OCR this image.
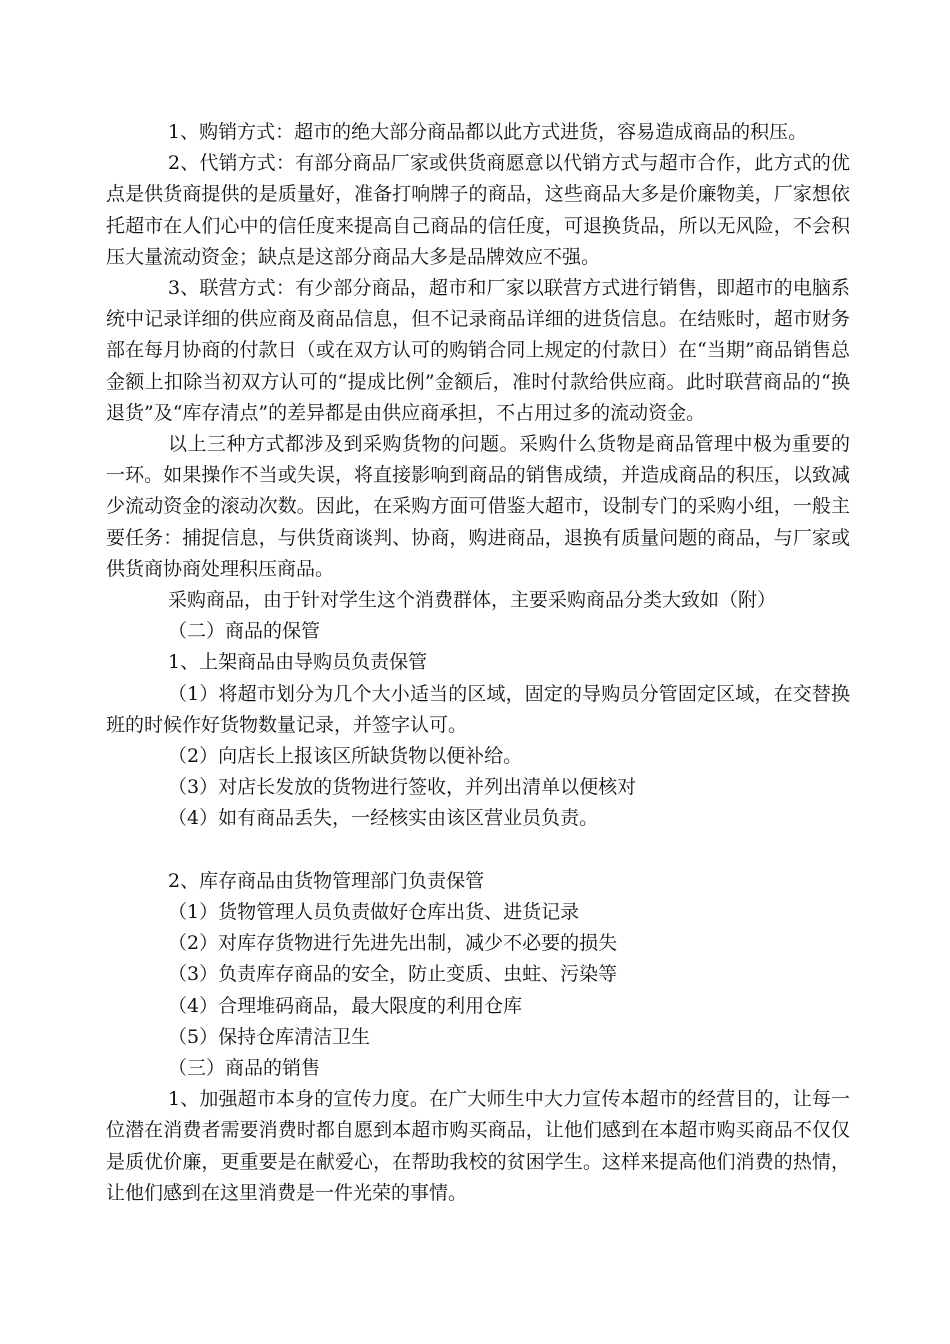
1、购销方式：超市的绝大部分商品都以此方式进货，容易造成商品的积压。

2、代销方式：有部分商品厂家或供货商愿意以代销方式与超市合作，此方式的优点是供货商提供的是质量好，准备打响牌子的商品，这些商品大多是价廉物美，厂家想依托超市在人们心中的信任度来提高自己商品的信任度，可退换货品，所以无风险，不会积压大量流动资金；缺点是这部分商品大多是品牌效应不强。

3、联营方式：有少部分商品，超市和厂家以联营方式进行销售，即超市的电脑系统中记录详细的供应商及商品信息，但不记录商品详细的进货信息。在结账时，超市财务部在每月协商的付款日（或在双方认可的购销合同上规定的付款日）在“当期”商品销售总金额上扣除当初双方认可的“提成比例”金额后，准时付款给供应商。此时联营商品的“换退货”及“库存清点”的差异都是由供应商承担，不占用过多的流动资金。

以上三种方式都涉及到采购货物的问题。采购什么货物是商品管理中极为重要的一环。如果操作不当或失误，将直接影响到商品的销售成绩，并造成商品的积压，以致减少流动资金的滚动次数。因此，在采购方面可借鉴大超市，设制专门的采购小组，一般主要任务：捕捉信息，与供货商谈判、协商，购进商品，退换有质量问题的商品，与厂家或供货商协商处理积压商品。

采购商品，由于针对学生这个消费群体，主要采购商品分类大致如（附）

（二）商品的保管

1、上架商品由导购员负责保管

（1）将超市划分为几个大小适当的区域，固定的导购员分管固定区域，在交替换班的时候作好货物数量记录，并签字认可。

（2）向店长上报该区所缺货物以便补给。

（3）对店长发放的货物进行签收，并列出清单以便核对

（4）如有商品丢失，一经核实由该区营业员负责。

2、库存商品由货物管理部门负责保管

（1）货物管理人员负责做好仓库出货、进货记录

（2）对库存货物进行先进先出制，减少不必要的损失

（3）负责库存商品的安全，防止变质、虫蛀、污染等

（4）合理堆码商品，最大限度的利用仓库

（5）保持仓库清洁卫生

（三）商品的销售

1、加强超市本身的宣传力度。在广大师生中大力宣传本超市的经营目的，让每一位潜在消费者需要消费时都自愿到本超市购买商品，让他们感到在本超市购买商品不仅仅是质优价廉，更重要是在献爱心，在帮助我校的贫困学生。这样来提高他们消费的热情，让他们感到在这里消费是一件光荣的事情。
